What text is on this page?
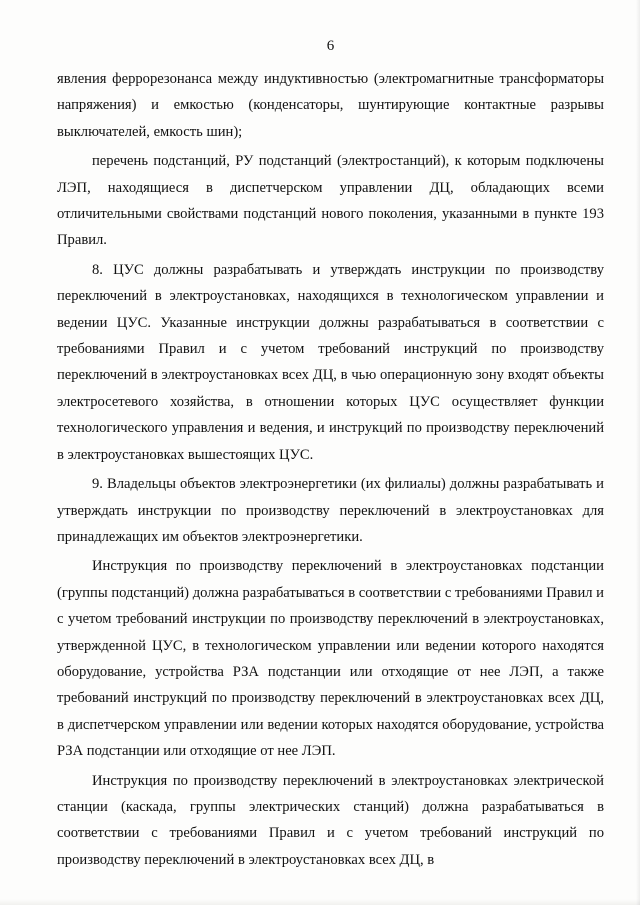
6

явления феррорезонанса между индуктивностью (электромагнитные трансформаторы напряжения) и емкостью (конденсаторы, шунтирующие контактные разрывы выключателей, емкость шин);

перечень подстанций, РУ подстанций (электростанций), к которым подключены ЛЭП, находящиеся в диспетчерском управлении ДЦ, обладающих всеми отличительными свойствами подстанций нового поколения, указанными в пункте 193 Правил.

8. ЦУС должны разрабатывать и утверждать инструкции по производству переключений в электроустановках, находящихся в технологическом управлении и ведении ЦУС. Указанные инструкции должны разрабатываться в соответствии с требованиями Правил и с учетом требований инструкций по производству переключений в электроустановках всех ДЦ, в чью операционную зону входят объекты электросетевого хозяйства, в отношении которых ЦУС осуществляет функции технологического управления и ведения, и инструкций по производству переключений в электроустановках вышестоящих ЦУС.

9. Владельцы объектов электроэнергетики (их филиалы) должны разрабатывать и утверждать инструкции по производству переключений в электроустановках для принадлежащих им объектов электроэнергетики.

Инструкция по производству переключений в электроустановках подстанции (группы подстанций) должна разрабатываться в соответствии с требованиями Правил и с учетом требований инструкции по производству переключений в электроустановках, утвержденной ЦУС, в технологическом управлении или ведении которого находятся оборудование, устройства РЗА подстанции или отходящие от нее ЛЭП, а также требований инструкций по производству переключений в электроустановках всех ДЦ, в диспетчерском управлении или ведении которых находятся оборудование, устройства РЗА подстанции или отходящие от нее ЛЭП.

Инструкция по производству переключений в электроустановках электрической станции (каскада, группы электрических станций) должна разрабатываться в соответствии с требованиями Правил и с учетом требований инструкций по производству переключений в электроустановках всех ДЦ, в
